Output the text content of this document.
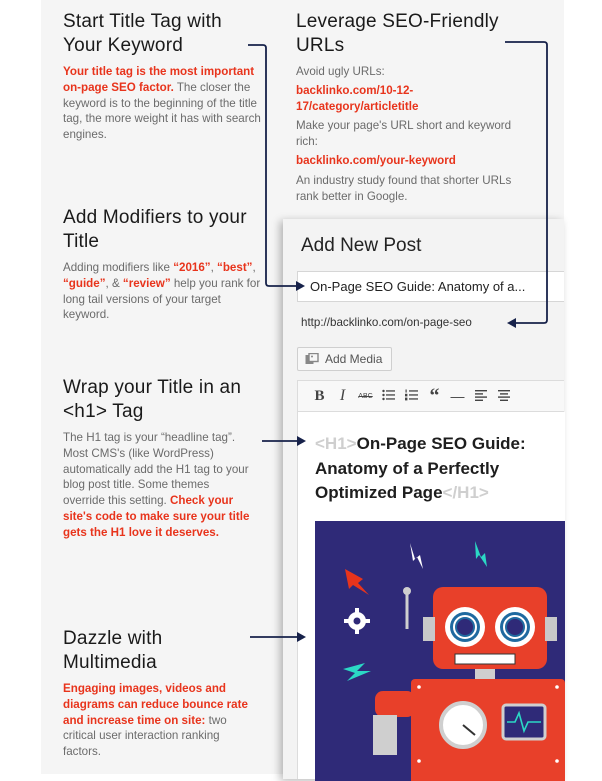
Start Title Tag with Your Keyword

Your title tag is the most important on-page SEO factor. The closer the keyword is to the beginning of the title tag, the more weight it has with search engines.

Leverage SEO-Friendly URLs

Avoid ugly URLs:

backlinko.com/10-12-17/category/articletitle

Make your page's URL short and keyword rich:

backlinko.com/your-keyword

An industry study found that shorter URLs rank better in Google.

Add Modifiers to your Title

Adding modifiers like “2016”, “best”, “guide”, & “review” help you rank for long tail versions of your target keyword.

Wrap your Title in an <h1> Tag

The H1 tag is your “headline tag”. Most CMS's (like WordPress) automatically add the H1 tag to your blog post title. Some themes override this setting. Check your site's code to make sure your title gets the H1 love it deserves.

Dazzle with Multimedia

Engaging images, videos and diagrams can reduce bounce rate and increase time on site: two critical user interaction ranking factors.

Add New Post
On-Page SEO Guide: Anatomy of a...
http://backlinko.com/on-page-seo
Add Media
B I	ABC	“ —
<H1>On-Page SEO Guide: Anatomy of a Perfectly Optimized Page</H1>
